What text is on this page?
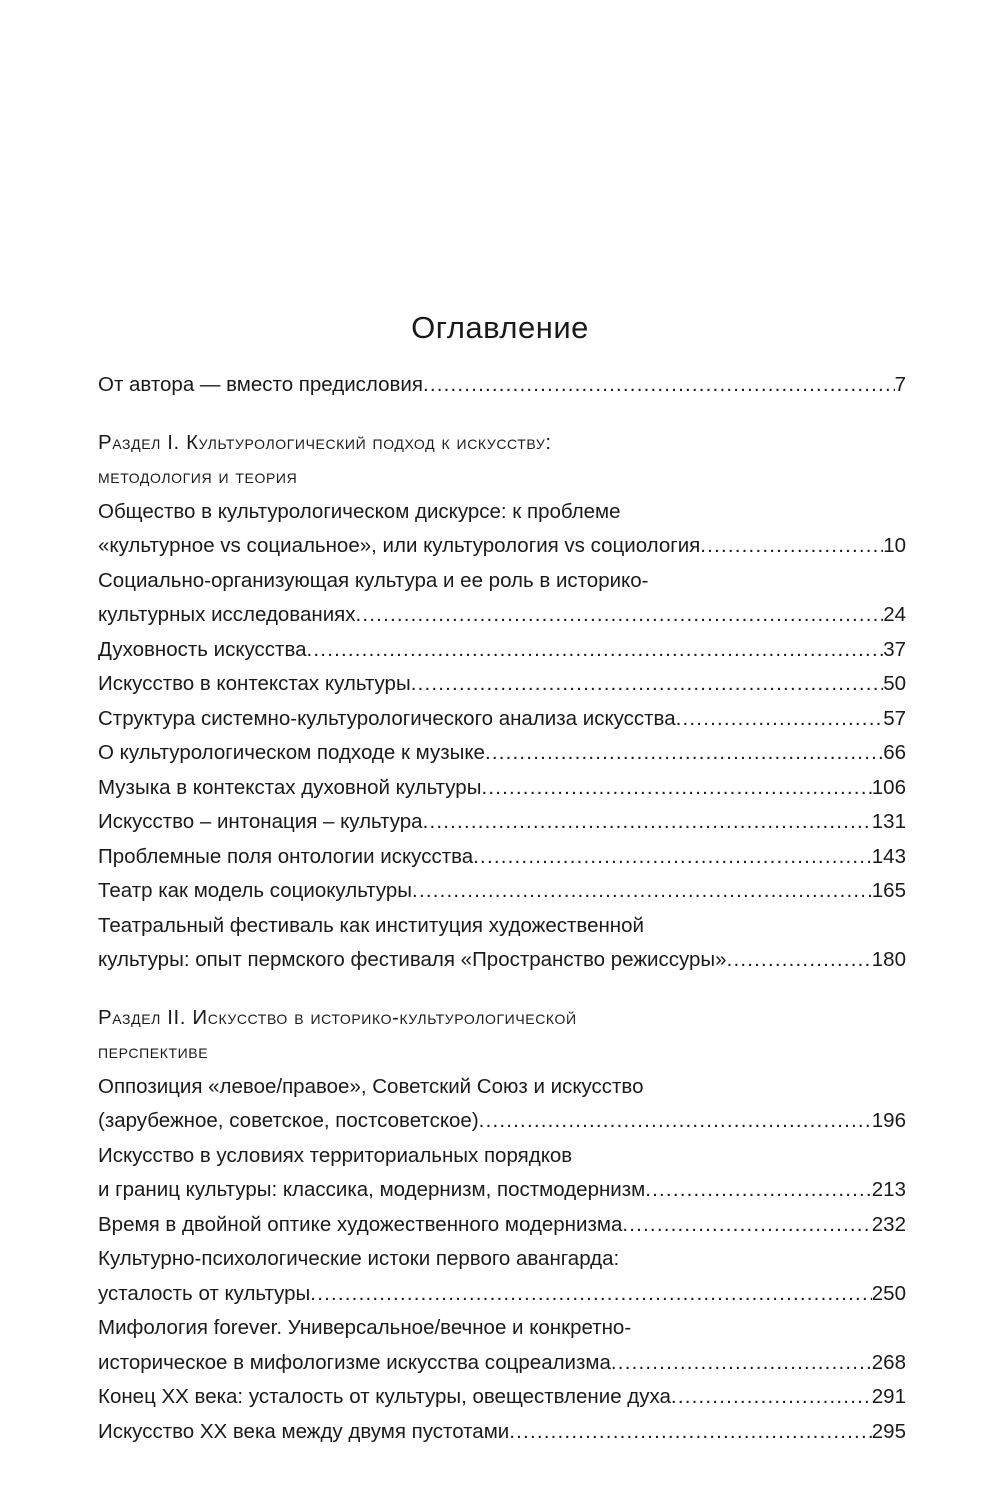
Оглавление
От автора — вместо предисловия .....	7
Раздел I. Культурологический подход к искусству:
методология и теория
Общество в культурологическом дискурсе: к проблеме
«культурное vs социальное», или культурология vs социология .....	10
Социально-организующая культура и ее роль в историко-
культурных исследованиях .....	24
Духовность искусства .....	37
Искусство в контекстах культуры .....	50
Структура системно-культурологического анализа искусства .....	57
О культурологическом подходе к музыке .....	66
Музыка в контекстах духовной культуры .....	106
Искусство – интонация – культура .....	131
Проблемные поля онтологии искусства .....	143
Театр как модель социокультуры .....	165
Театральный фестиваль как институция художественной
культуры: опыт пермского фестиваля «Пространство режиссуры» .....	180
Раздел II. Искусство в историко-культурологической
перспективе
Оппозиция «левое/правое», Советский Союз и искусство
(зарубежное, советское, постсоветское) .....	196
Искусство в условиях территориальных порядков
и границ культуры: классика, модернизм, постмодернизм .....	213
Время в двойной оптике художественного модернизма .....	232
Культурно-психологические истоки первого авангарда:
усталость от культуры .....	250
Мифология forever. Универсальное/вечное и конкретно-
историческое в мифологизме искусства соцреализма .....	268
Конец XX века: усталость от культуры, овеществление духа .....	291
Искусство XX века между двумя пустотами .....	295
